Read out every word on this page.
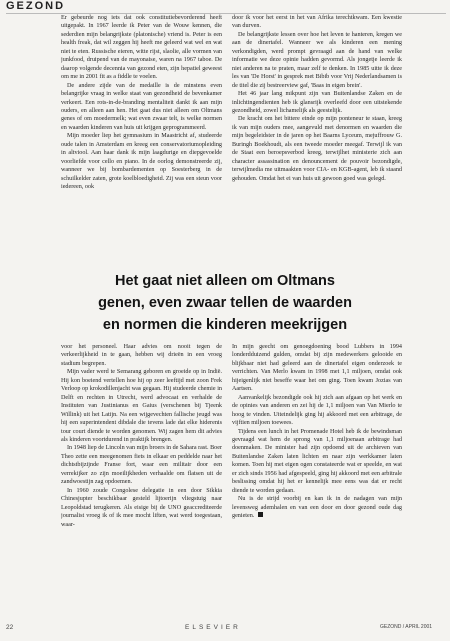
GEZOND

Er gebeurde nog iets dat ook constitutiebevorderend heeft uitgepakt. In 1967 leerde ik Peter van de Wouw kennen, die sederdien mijn belangrijkste (platonische) vriend is. Peter is een health freak, dat wil zeggen hij heeft me geleerd wat wel en wat niet te eten. Russische eieren, witte rijst, slaolie, alle vormen van junkfood, druipend van de mayonaise, waren na 1967 taboe. De daarop volgende decennia van gezond eten, zijn hepatiel geweest om me in 2001 fit as a fiddle te voelen.

De andere zijde van de medaille is de minstens even belangrijke vraag in welke staat van gezondheid de bevenkamer verkeert. Een rots-in-de-branding mentaliteit dankt ik aan mijn ouders, en alleen aan hen. Het gaat dus niet alleen om Oltmans genes of om moedermelk; wat even zwaar telt, is welke normen en waarden kinderen van huis uit krijgen geprogrammeerd.

Mijn moeder liep het gymnasium in Maastricht af, studeerde oude talen in Amsterdam en kreeg een conservatoriumopleiding in altviool. Aan haar dank ik mijn laagdurige en diepgevoelde voorliefde voor cello en piano. In de oorlog demonstreerde zij, wanneer we bij bombardementen op Soesterberg in de schuilkelder zaten, grote koelbloedigheid. Zij was een steun voor iedereen, ook

door ik voor het eerst in het van Afrika terechtkwam. Een kwestie van durven.

De belangrijkste lessen over hoe het leven te hanteren, kregen we aan de dinertafel. Wanneer we als kinderen een mening verkondigden, werd prompt gevraagd aan de hand van welke informatie we deze opinie hadden gevormd. Als jongetje leerde ik niet anderen na te praten, maar zelf te denken. In 1985 uitte ik deze les van 'De Horst' in gesprek met Bibib voor Vrij Nederlandsamen is de titel die zij bestreerview gaf, 'Baas in eigen brein'.

Het 46 jaar lang mikpunt zijn van Buitenlandse Zaken en de inlichtingendienten heb ik glansrijk overleefd door een uitstekende gezondheid, zowel lichamelijk als geestelijk.

De kracht om het bittere einde op mijn ponteneur te staan, kreeg ik van mijn ouders mee, aangevuld met denormen en waarden die mijn begeleidster in de jaren op het Baarns Lyceum, mejuffrouw G. Buringh Boekhoudt, als een tweede moeder meegaf. Terwijl ik van de Staat een beroepsverbod kreeg, terwijlhet ministerie zich aan character assassination en denouncement de pouvoir bezondigde, terwijlmedia me uitmaakten voor CIA- en KGB-agent, leb ik staand gehouden. Omdat het ei van huis uit gewoon goed was gelegd.

Het gaat niet alleen om Oltmans
genen, even zwaar tellen de waarden
en normen die kinderen meekrijgen

voor het personeel. Haar advies om nooit tegen de verkeerlijkheid in te gaan, hebben wij drieën in een vroeg stadium begrepen.

Mijn vader werd te Semarang geboren en groeide op in Indië. Hij kon boeiend vertellen hoe hij op zeer leeftijd met zoon Frek Verloop op krokodillenjacht was gegaan. Hij studeerde chemie in Delft en rechten in Utrecht, werd advocaat en verhalde de Instituten van Justinianus en Gaius (verschenen bij Tjeenk Willink) uit het Latijn. Na een wijgevechten fallische jeugd was hij een superintendent dibdale die tevens lade dat elke hiderenis tour court diende te worden genomen. Wij zagen hem dit advies als kinderen voortdurend in praktijk brengen.

In 1948 liep de Lincoln van mijn broers in de Sahara rast. Boer Theo zette een meegenomen fiets in elkaar en peddelde naar het dichtstbijzijnde Franse fort, waar een militair door een verrekijker zo zijn moeilijkheden verhaalde om flatsen uit de zandwoestijn zag opdoemen.

In 1960 zoude Congolese delegatie in een door Sikkia Chinesjupter beschikbaar gesteld lijtoerijn vliegstuig naar Leopoldstad terugkeren. Als eisige bij de UNO geaccrediteerde journalist vroeg ik of ik mee mocht liften, wat werd toegestaan, waar-

In mijn geecht om genoegdoening bood Lubbers in 1994 londerdduizend gulden, omdat bij zijn medewerkers gelooide en blijkbaar niet had geleerd aan de dinertafel eigen onderzoek te verrichten. Van Merlo kwam in 1998 met 1,1 miljoen, omdat ook hijeigenlijk niet beseffe waar het om ging. Toen kwam Jozias van Aartsen.

Aanvankelijk bezondigde ook hij zich aan afgaan op het werk en de opinies van anderen en zei hij de 1,1 miljoen van Van Mierlo te hoog te vinden. Uiteindelijk ging hij akkoord met een arbitrage, de vijftien miljoen toewees.

Tijdens een lunch in het Promenade Hotel heb ik de bewindsman gevraagd wat hem de sprong van 1,1 miljoenaan arbitrage had doenmaken. De minister had zijn opdoend uit de archieven van Buitenlandse Zaken laten lichten en naar zijn werkkamer laten komen. Toen hij met eigen ogen constateerde wat er speelde, en wat er zich sinds 1956 had afgespeeld, ging hij akkoord met een arbitrale beslissing omdat hij het er kennelijk mee eens was dat er recht diende te worden gedaan.

Nu is de strijd voorbij en kan ik in de nadagen van mijn levensweg ademhalen en van een door en door gezond oude dag genieten.

22	ELSEVIER	GEZOND / APRIL 2001
